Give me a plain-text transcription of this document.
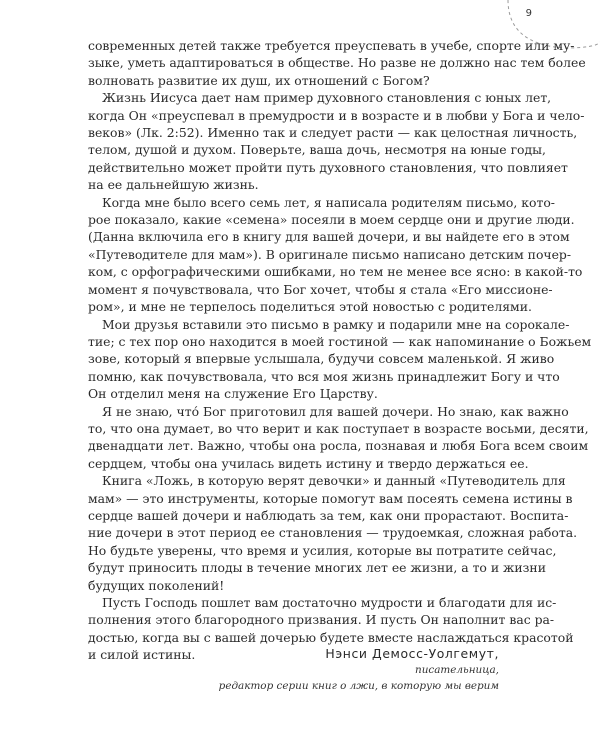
9

современных детей также требуется преуспевать в учебе, спорте или му-
зыке, уметь адаптироваться в обществе. Но разве не должно нас тем более
волновать развитие их душ, их отношений с Богом?

Жизнь Иисуса дает нам пример духовного становления с юных лет,
когда Он «преуспевал в премудрости и в возрасте и в любви у Бога и чело-
веков» (Лк. 2:52). Именно так и следует расти — как целостная личность,
телом, душой и духом. Поверьте, ваша дочь, несмотря на юные годы,
действительно может пройти путь духовного становления, что повлияет
на ее дальнейшую жизнь.

Когда мне было всего семь лет, я написала родителям письмо, кото-
рое показало, какие «семена» посеяли в моем сердце они и другие люди.
(Данна включила его в книгу для вашей дочери, и вы найдете его в этом
«Путеводителе для мам»). В оригинале письмо написано детским почер-
ком, с орфографическими ошибками, но тем не менее все ясно: в какой-то
момент я почувствовала, что Бог хочет, чтобы я стала «Его миссионе-
ром», и мне не терпелось поделиться этой новостью с родителями.

Мои друзья вставили это письмо в рамку и подарили мне на сорокале-
тие; с тех пор оно находится в моей гостиной — как напоминание о Божьем
зове, который я впервые услышала, будучи совсем маленькой. Я живо
помню, как почувствовала, что вся моя жизнь принадлежит Богу и что
Он отделил меня на служение Его Царству.

Я не знаю, что́ Бог приготовил для вашей дочери. Но знаю, как важно
то, что она думает, во что верит и как поступает в возрасте восьми, десяти,
двенадцати лет. Важно, чтобы она росла, познавая и любя Бога всем своим
сердцем, чтобы она училась видеть истину и твердо держаться ее.

Книга «Ложь, в которую верят девочки» и данный «Путеводитель для
мам» — это инструменты, которые помогут вам посеять семена истины в
сердце вашей дочери и наблюдать за тем, как они прорастают. Воспита-
ние дочери в этот период ее становления — трудоемкая, сложная работа.
Но будьте уверены, что время и усилия, которые вы потратите сейчас,
будут приносить плоды в течение многих лет ее жизни, а то и жизни
будущих поколений!

Пусть Господь пошлет вам достаточно мудрости и благодати для ис-
полнения этого благородного призвания. И пусть Он наполнит вас ра-
достью, когда вы с вашей дочерью будете вместе наслаждаться красотой
и силой истины.	Нэнси Демосс-Уолгемут,
писательница,
редактор серии книг о лжи, в которую мы верим
